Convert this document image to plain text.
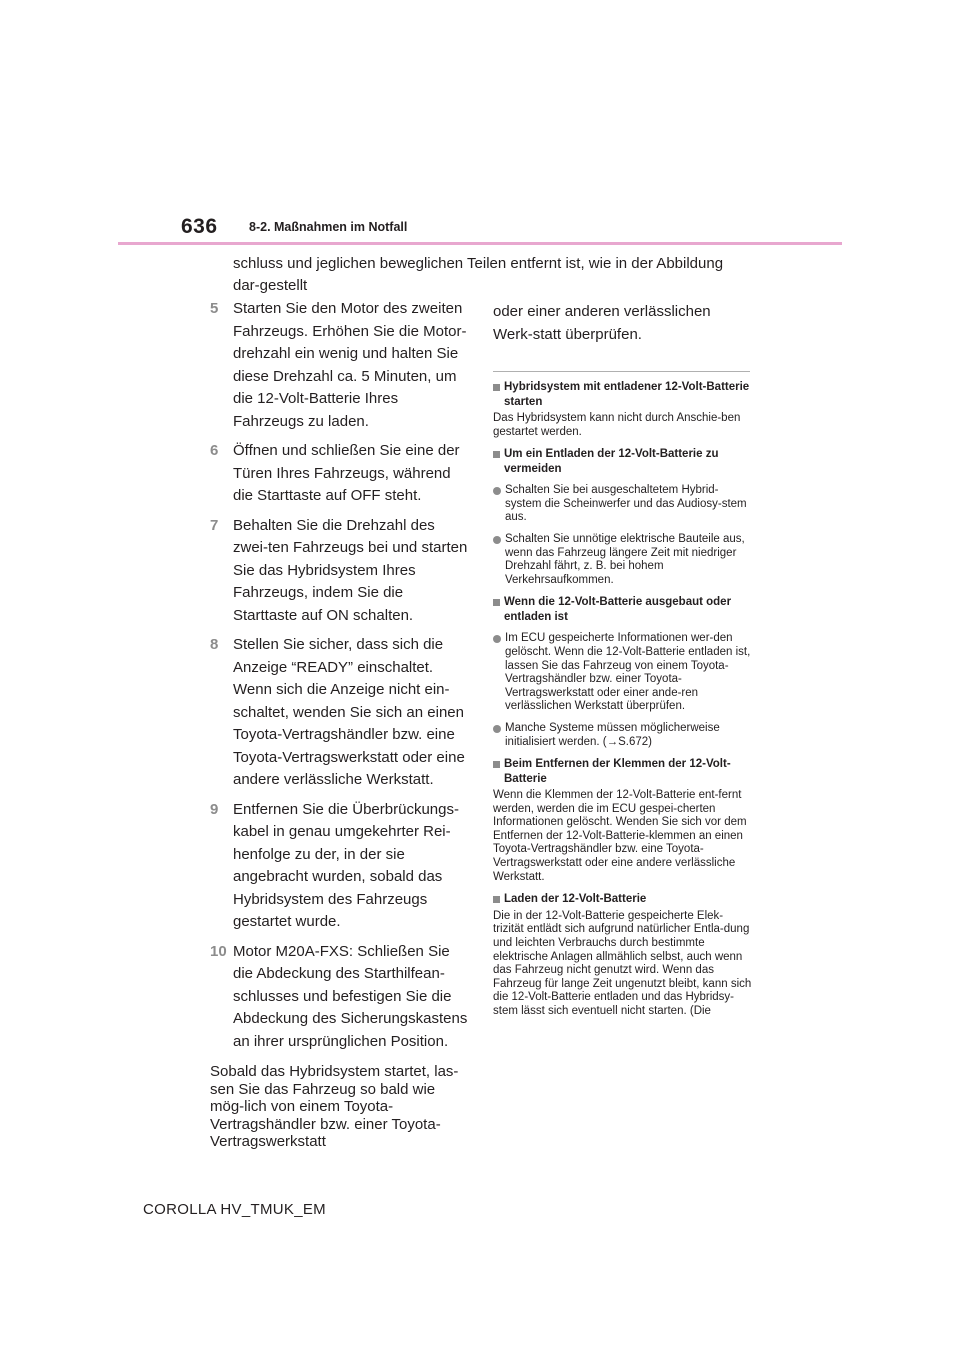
636	8-2. Maßnahmen im Notfall
schluss und jeglichen beweglichen Teilen entfernt ist, wie in der Abbildung dar-gestellt
5 Starten Sie den Motor des zweiten Fahrzeugs. Erhöhen Sie die Motor-drehzahl ein wenig und halten Sie diese Drehzahl ca. 5 Minuten, um die 12-Volt-Batterie Ihres Fahrzeugs zu laden.
6 Öffnen und schließen Sie eine der Türen Ihres Fahrzeugs, während die Starttaste auf OFF steht.
7 Behalten Sie die Drehzahl des zwei-ten Fahrzeugs bei und starten Sie das Hybridsystem Ihres Fahrzeugs, indem Sie die Starttaste auf ON schalten.
8 Stellen Sie sicher, dass sich die Anzeige “READY” einschaltet. Wenn sich die Anzeige nicht ein-schaltet, wenden Sie sich an einen Toyota-Vertragshändler bzw. eine Toyota-Vertragswerkstatt oder eine andere verlässliche Werkstatt.
9 Entfernen Sie die Überbrückungs-kabel in genau umgekehrter Rei-henfolge zu der, in der sie angebracht wurden, sobald das Hybridsystem des Fahrzeugs gestartet wurde.
10 Motor M20A-FXS: Schließen Sie die Abdeckung des Starthilfean-schlusses und befestigen Sie die Abdeckung des Sicherungskastens an ihrer ursprünglichen Position.
Sobald das Hybridsystem startet, las-sen Sie das Fahrzeug so bald wie mög-lich von einem Toyota-Vertragshändler bzw. einer Toyota-Vertragswerkstatt
oder einer anderen verlässlichen Werk-statt überprüfen.
Hybridsystem mit entladener 12-Volt-Batterie starten
Das Hybridsystem kann nicht durch Anschie-ben gestartet werden.
Um ein Entladen der 12-Volt-Batterie zu vermeiden
Schalten Sie bei ausgeschaltetem Hybrid-system die Scheinwerfer und das Audiosy-stem aus.
Schalten Sie unnötige elektrische Bauteile aus, wenn das Fahrzeug längere Zeit mit niedriger Drehzahl fährt, z. B. bei hohem Verkehrsaufkommen.
Wenn die 12-Volt-Batterie ausgebaut oder entladen ist
Im ECU gespeicherte Informationen wer-den gelöscht. Wenn die 12-Volt-Batterie entladen ist, lassen Sie das Fahrzeug von einem Toyota-Vertragshändler bzw. einer Toyota-Vertragswerkstatt oder einer ande-ren verlässlichen Werkstatt überprüfen.
Manche Systeme müssen möglicherweise initialisiert werden. (→S.672)
Beim Entfernen der Klemmen der 12-Volt-Batterie
Wenn die Klemmen der 12-Volt-Batterie ent-fernt werden, werden die im ECU gespei-cherten Informationen gelöscht. Wenden Sie sich vor dem Entfernen der 12-Volt-Batterie-klemmen an einen Toyota-Vertragshändler bzw. eine Toyota-Vertragswerkstatt oder eine andere verlässliche Werkstatt.
Laden der 12-Volt-Batterie
Die in der 12-Volt-Batterie gespeicherte Elek-trizität entlädt sich aufgrund natürlicher Entla-dung und leichten Verbrauchs durch bestimmte elektrische Anlagen allmählich selbst, auch wenn das Fahrzeug nicht genutzt wird. Wenn das Fahrzeug für lange Zeit ungenutzt bleibt, kann sich die 12-Volt-Batterie entladen und das Hybridsy-stem lässt sich eventuell nicht starten. (Die
COROLLA HV_TMUK_EM
